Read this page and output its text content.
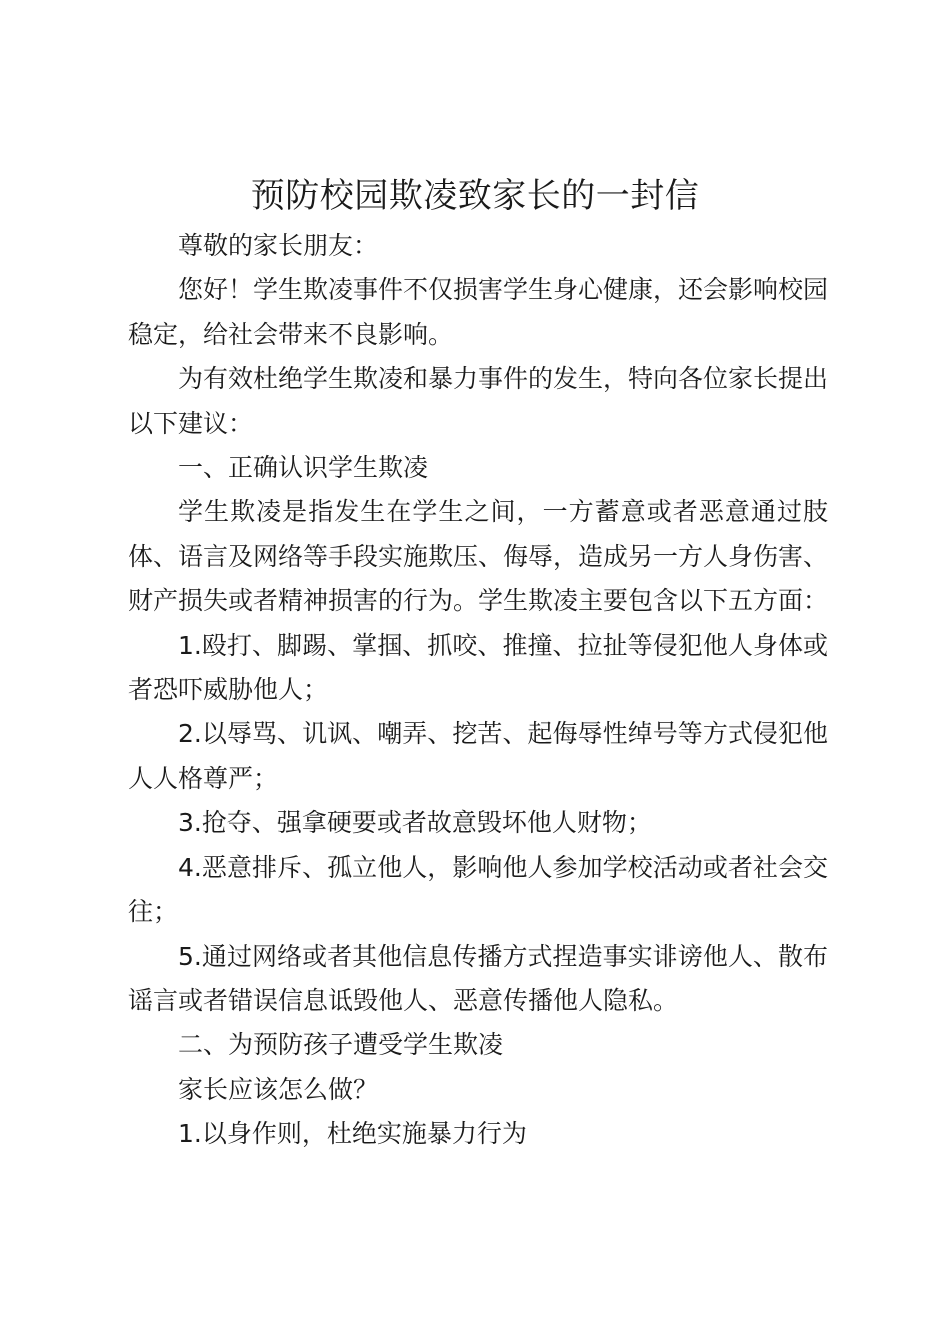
预防校园欺凌致家长的一封信

尊敬的家长朋友：

您好！学生欺凌事件不仅损害学生身心健康，还会影响校园稳定，给社会带来不良影响。

为有效杜绝学生欺凌和暴力事件的发生，特向各位家长提出以下建议：

一、正确认识学生欺凌

学生欺凌是指发生在学生之间，一方蓄意或者恶意通过肢体、语言及网络等手段实施欺压、侮辱，造成另一方人身伤害、财产损失或者精神损害的行为。学生欺凌主要包含以下五方面：

1.殴打、脚踢、掌掴、抓咬、推撞、拉扯等侵犯他人身体或者恐吓威胁他人；

2.以辱骂、讥讽、嘲弄、挖苦、起侮辱性绰号等方式侵犯他人人格尊严；

3.抢夺、强拿硬要或者故意毁坏他人财物；

4.恶意排斥、孤立他人，影响他人参加学校活动或者社会交往；

5.通过网络或者其他信息传播方式捏造事实诽谤他人、散布谣言或者错误信息诋毁他人、恶意传播他人隐私。

二、为预防孩子遭受学生欺凌

家长应该怎么做？

1.以身作则，杜绝实施暴力行为
